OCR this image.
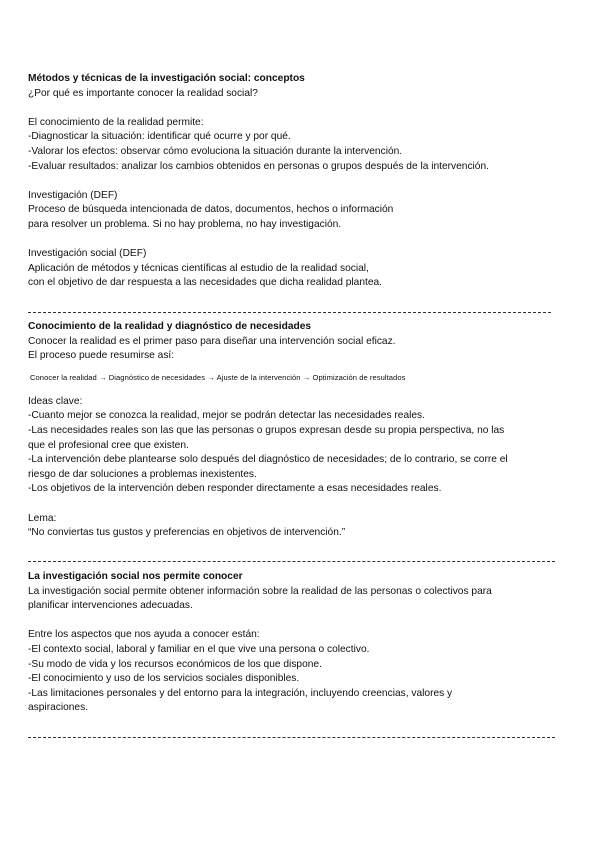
Métodos y técnicas de la investigación social: conceptos
¿Por qué es importante conocer la realidad social?
El conocimiento de la realidad permite:
-Diagnosticar la situación: identificar qué ocurre y por qué.
-Valorar los efectos: observar cómo evoluciona la situación durante la intervención.
-Evaluar resultados: analizar los cambios obtenidos en personas o grupos después de la intervención.
Investigación (DEF)
Proceso de búsqueda intencionada de datos, documentos, hechos o información
para resolver un problema. Si no hay problema, no hay investigación.
Investigación social (DEF)
Aplicación de métodos y técnicas científicas al estudio de la realidad social,
con el objetivo de dar respuesta a las necesidades que dicha realidad plantea.
Conocimiento de la realidad y diagnóstico de necesidades
Conocer la realidad es el primer paso para diseñar una intervención social eficaz.
El proceso puede resumirse así:
Conocer la realidad → Diagnóstico de necesidades → Ajuste de la intervención → Optimización de resultados
Ideas clave:
-Cuanto mejor se conozca la realidad, mejor se podrán detectar las necesidades reales.
-Las necesidades reales son las que las personas o grupos expresan desde su propia perspectiva, no las
que el profesional cree que existen.
-La intervención debe plantearse solo después del diagnóstico de necesidades; de lo contrario, se corre el
riesgo de dar soluciones a problemas inexistentes.
-Los objetivos de la intervención deben responder directamente a esas necesidades reales.
Lema:
“No conviertas tus gustos y preferencias en objetivos de intervención.”
La investigación social nos permite conocer
La investigación social permite obtener información sobre la realidad de las personas o colectivos para
planificar intervenciones adecuadas.
Entre los aspectos que nos ayuda a conocer están:
-El contexto social, laboral y familiar en el que vive una persona o colectivo.
-Su modo de vida y los recursos económicos de los que dispone.
-El conocimiento y uso de los servicios sociales disponibles.
-Las limitaciones personales y del entorno para la integración, incluyendo creencias, valores y
aspiraciones.
